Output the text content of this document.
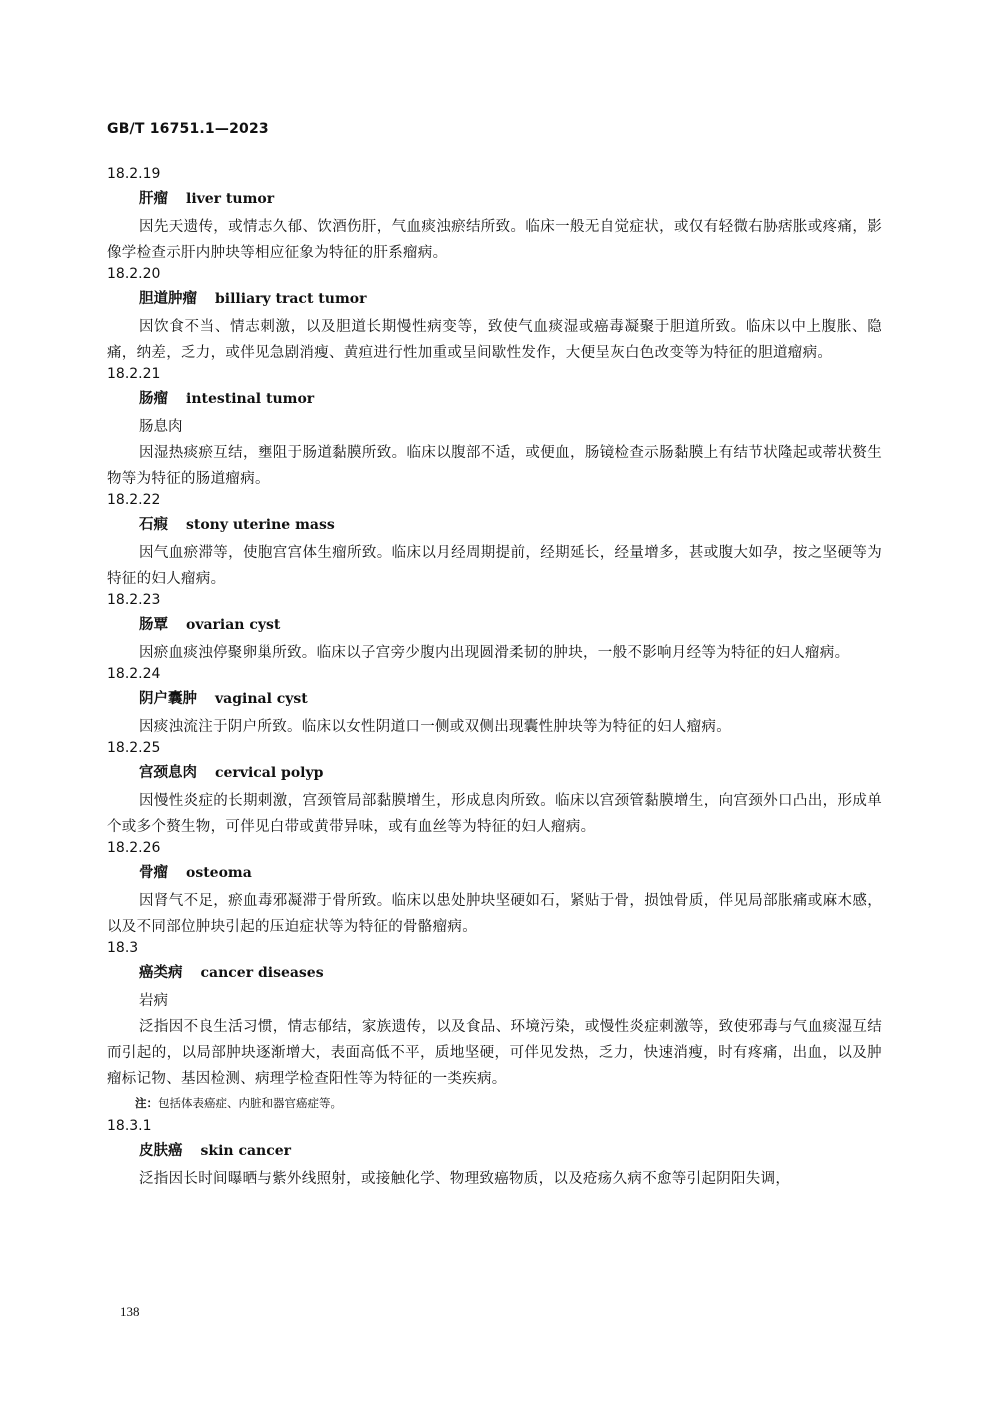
GB/T 16751.1—2023
18.2.19
肝瘤 liver tumor

因先天遗传，或情志久郁、饮酒伤肝，气血痰浊瘀结所致。临床一般无自觉症状，或仅有轻微右胁痞胀或疼痛，影像学检查示肝内肿块等相应征象为特征的肝系瘤病。

18.2.20
胆道肿瘤 billiary tract tumor

因饮食不当、情志刺激，以及胆道长期慢性病变等，致使气血痰湿或癌毒凝聚于胆道所致。临床以中上腹胀、隐痛，纳差，乏力，或伴见急剧消瘦、黄疸进行性加重或呈间歇性发作，大便呈灰白色改变等为特征的胆道瘤病。

18.2.21
肠瘤 intestinal tumor

肠息肉

因湿热痰瘀互结，壅阻于肠道黏膜所致。临床以腹部不适，或便血，肠镜检查示肠黏膜上有结节状隆起或蒂状赘生物等为特征的肠道瘤病。

18.2.22
石瘕 stony uterine mass

因气血瘀滞等，使胞宫宫体生瘤所致。临床以月经周期提前，经期延长，经量增多，甚或腹大如孕，按之坚硬等为特征的妇人瘤病。

18.2.23
肠覃 ovarian cyst

因瘀血痰浊停聚卵巢所致。临床以子宫旁少腹内出现圆滑柔韧的肿块，一般不影响月经等为特征的妇人瘤病。

18.2.24
阴户囊肿 vaginal cyst

因痰浊流注于阴户所致。临床以女性阴道口一侧或双侧出现囊性肿块等为特征的妇人瘤病。

18.2.25
宫颈息肉 cervical polyp

因慢性炎症的长期刺激，宫颈管局部黏膜增生，形成息肉所致。临床以宫颈管黏膜增生，向宫颈外口凸出，形成单个或多个赘生物，可伴见白带或黄带异味，或有血丝等为特征的妇人瘤病。

18.2.26
骨瘤 osteoma

因肾气不足，瘀血毒邪凝滞于骨所致。临床以患处肿块坚硬如石，紧贴于骨，损蚀骨质，伴见局部胀痛或麻木感，以及不同部位肿块引起的压迫症状等为特征的骨骼瘤病。

18.3
癌类病 cancer diseases

岩病

泛指因不良生活习惯，情志郁结，家族遗传，以及食品、环境污染，或慢性炎症刺激等，致使邪毒与气血痰湿互结而引起的，以局部肿块逐渐增大，表面高低不平，质地坚硬，可伴见发热，乏力，快速消瘦，时有疼痛，出血，以及肿瘤标记物、基因检测、病理学检查阳性等为特征的一类疾病。

注：包括体表癌症、内脏和器官癌症等。

18.3.1
皮肤癌 skin cancer

泛指因长时间曝晒与紫外线照射，或接触化学、物理致癌物质，以及疮疡久病不愈等引起阴阳失调，

138
